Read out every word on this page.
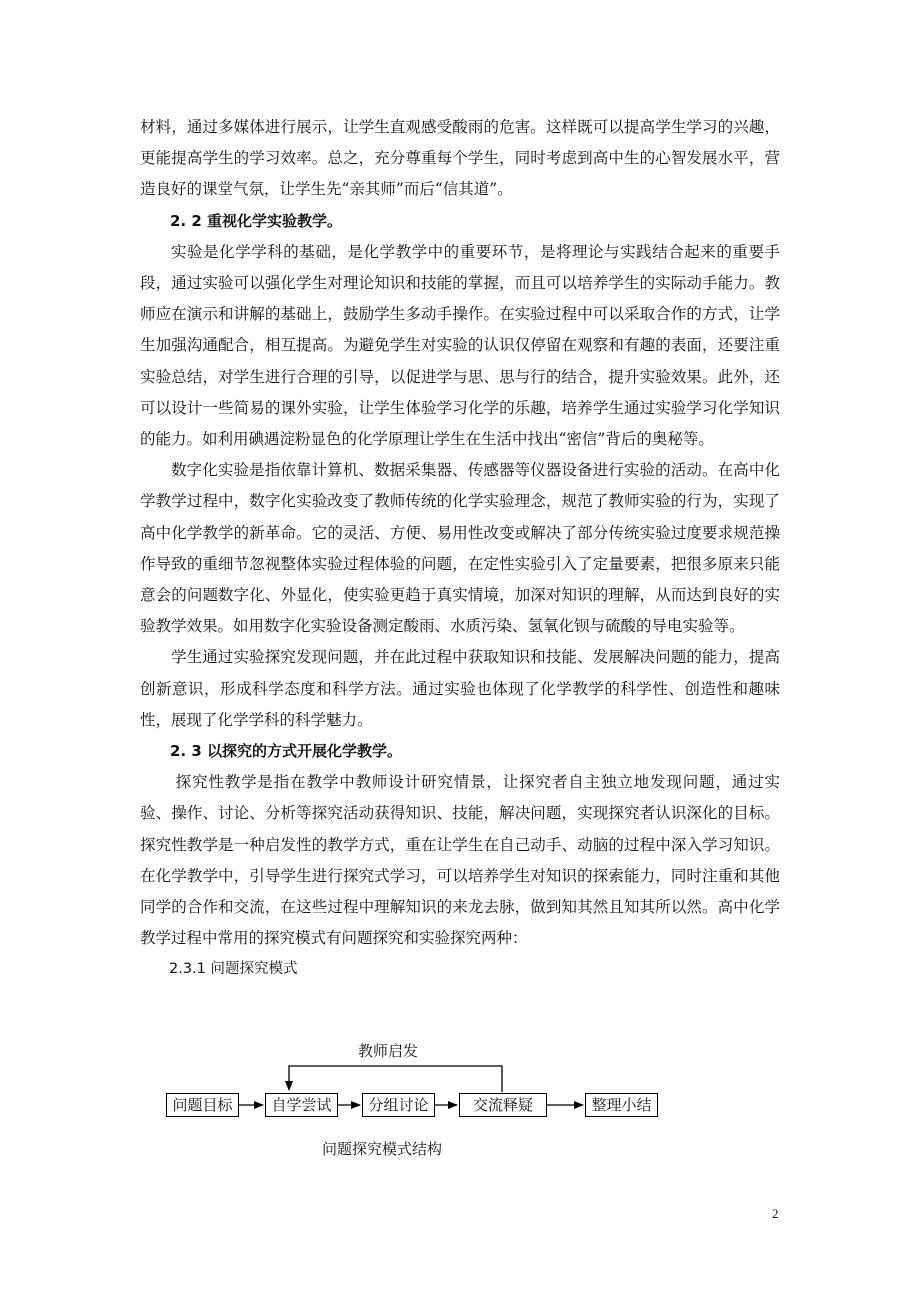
材料，通过多媒体进行展示，让学生直观感受酸雨的危害。这样既可以提高学生学习的兴趣，更能提高学生的学习效率。总之，充分尊重每个学生，同时考虑到高中生的心智发展水平，营造良好的课堂气氛，让学生先“亲其师”而后“信其道”。

2. 2 重视化学实验教学。

实验是化学学科的基础，是化学教学中的重要环节，是将理论与实践结合起来的重要手段，通过实验可以强化学生对理论知识和技能的掌握，而且可以培养学生的实际动手能力。教师应在演示和讲解的基础上，鼓励学生多动手操作。在实验过程中可以采取合作的方式，让学生加强沟通配合，相互提高。为避免学生对实验的认识仅停留在观察和有趣的表面，还要注重实验总结，对学生进行合理的引导，以促进学与思、思与行的结合，提升实验效果。此外，还可以设计一些简易的课外实验，让学生体验学习化学的乐趣，培养学生通过实验学习化学知识的能力。如利用碘遇淀粉显色的化学原理让学生在生活中找出“密信”背后的奥秘等。

数字化实验是指依靠计算机、数据采集器、传感器等仪器设备进行实验的活动。在高中化学教学过程中，数字化实验改变了教师传统的化学实验理念，规范了教师实验的行为，实现了高中化学教学的新革命。它的灵活、方便、易用性改变或解决了部分传统实验过度要求规范操作导致的重细节忽视整体实验过程体验的问题，在定性实验引入了定量要素，把很多原来只能意会的问题数字化、外显化，使实验更趋于真实情境，加深对知识的理解，从而达到良好的实验教学效果。如用数字化实验设备测定酸雨、水质污染、氢氧化钡与硫酸的导电实验等。

学生通过实验探究发现问题，并在此过程中获取知识和技能、发展解决问题的能力，提高创新意识，形成科学态度和科学方法。通过实验也体现了化学教学的科学性、创造性和趣味性，展现了化学学科的科学魅力。

2. 3 以探究的方式开展化学教学。

探究性教学是指在教学中教师设计研究情景，让探究者自主独立地发现问题，通过实验、操作、讨论、分析等探究活动获得知识、技能，解决问题，实现探究者认识深化的目标。探究性教学是一种启发性的教学方式，重在让学生在自己动手、动脑的过程中深入学习知识。在化学教学中，引导学生进行探究式学习，可以培养学生对知识的探索能力，同时注重和其他同学的合作和交流，在这些过程中理解知识的来龙去脉，做到知其然且知其所以然。高中化学教学过程中常用的探究模式有问题探究和实验探究两种：

2.3.1 问题探究模式

教师启发
问题目标	自学尝试	分组讨论	交流释疑	整理小结
问题探究模式结构
2
